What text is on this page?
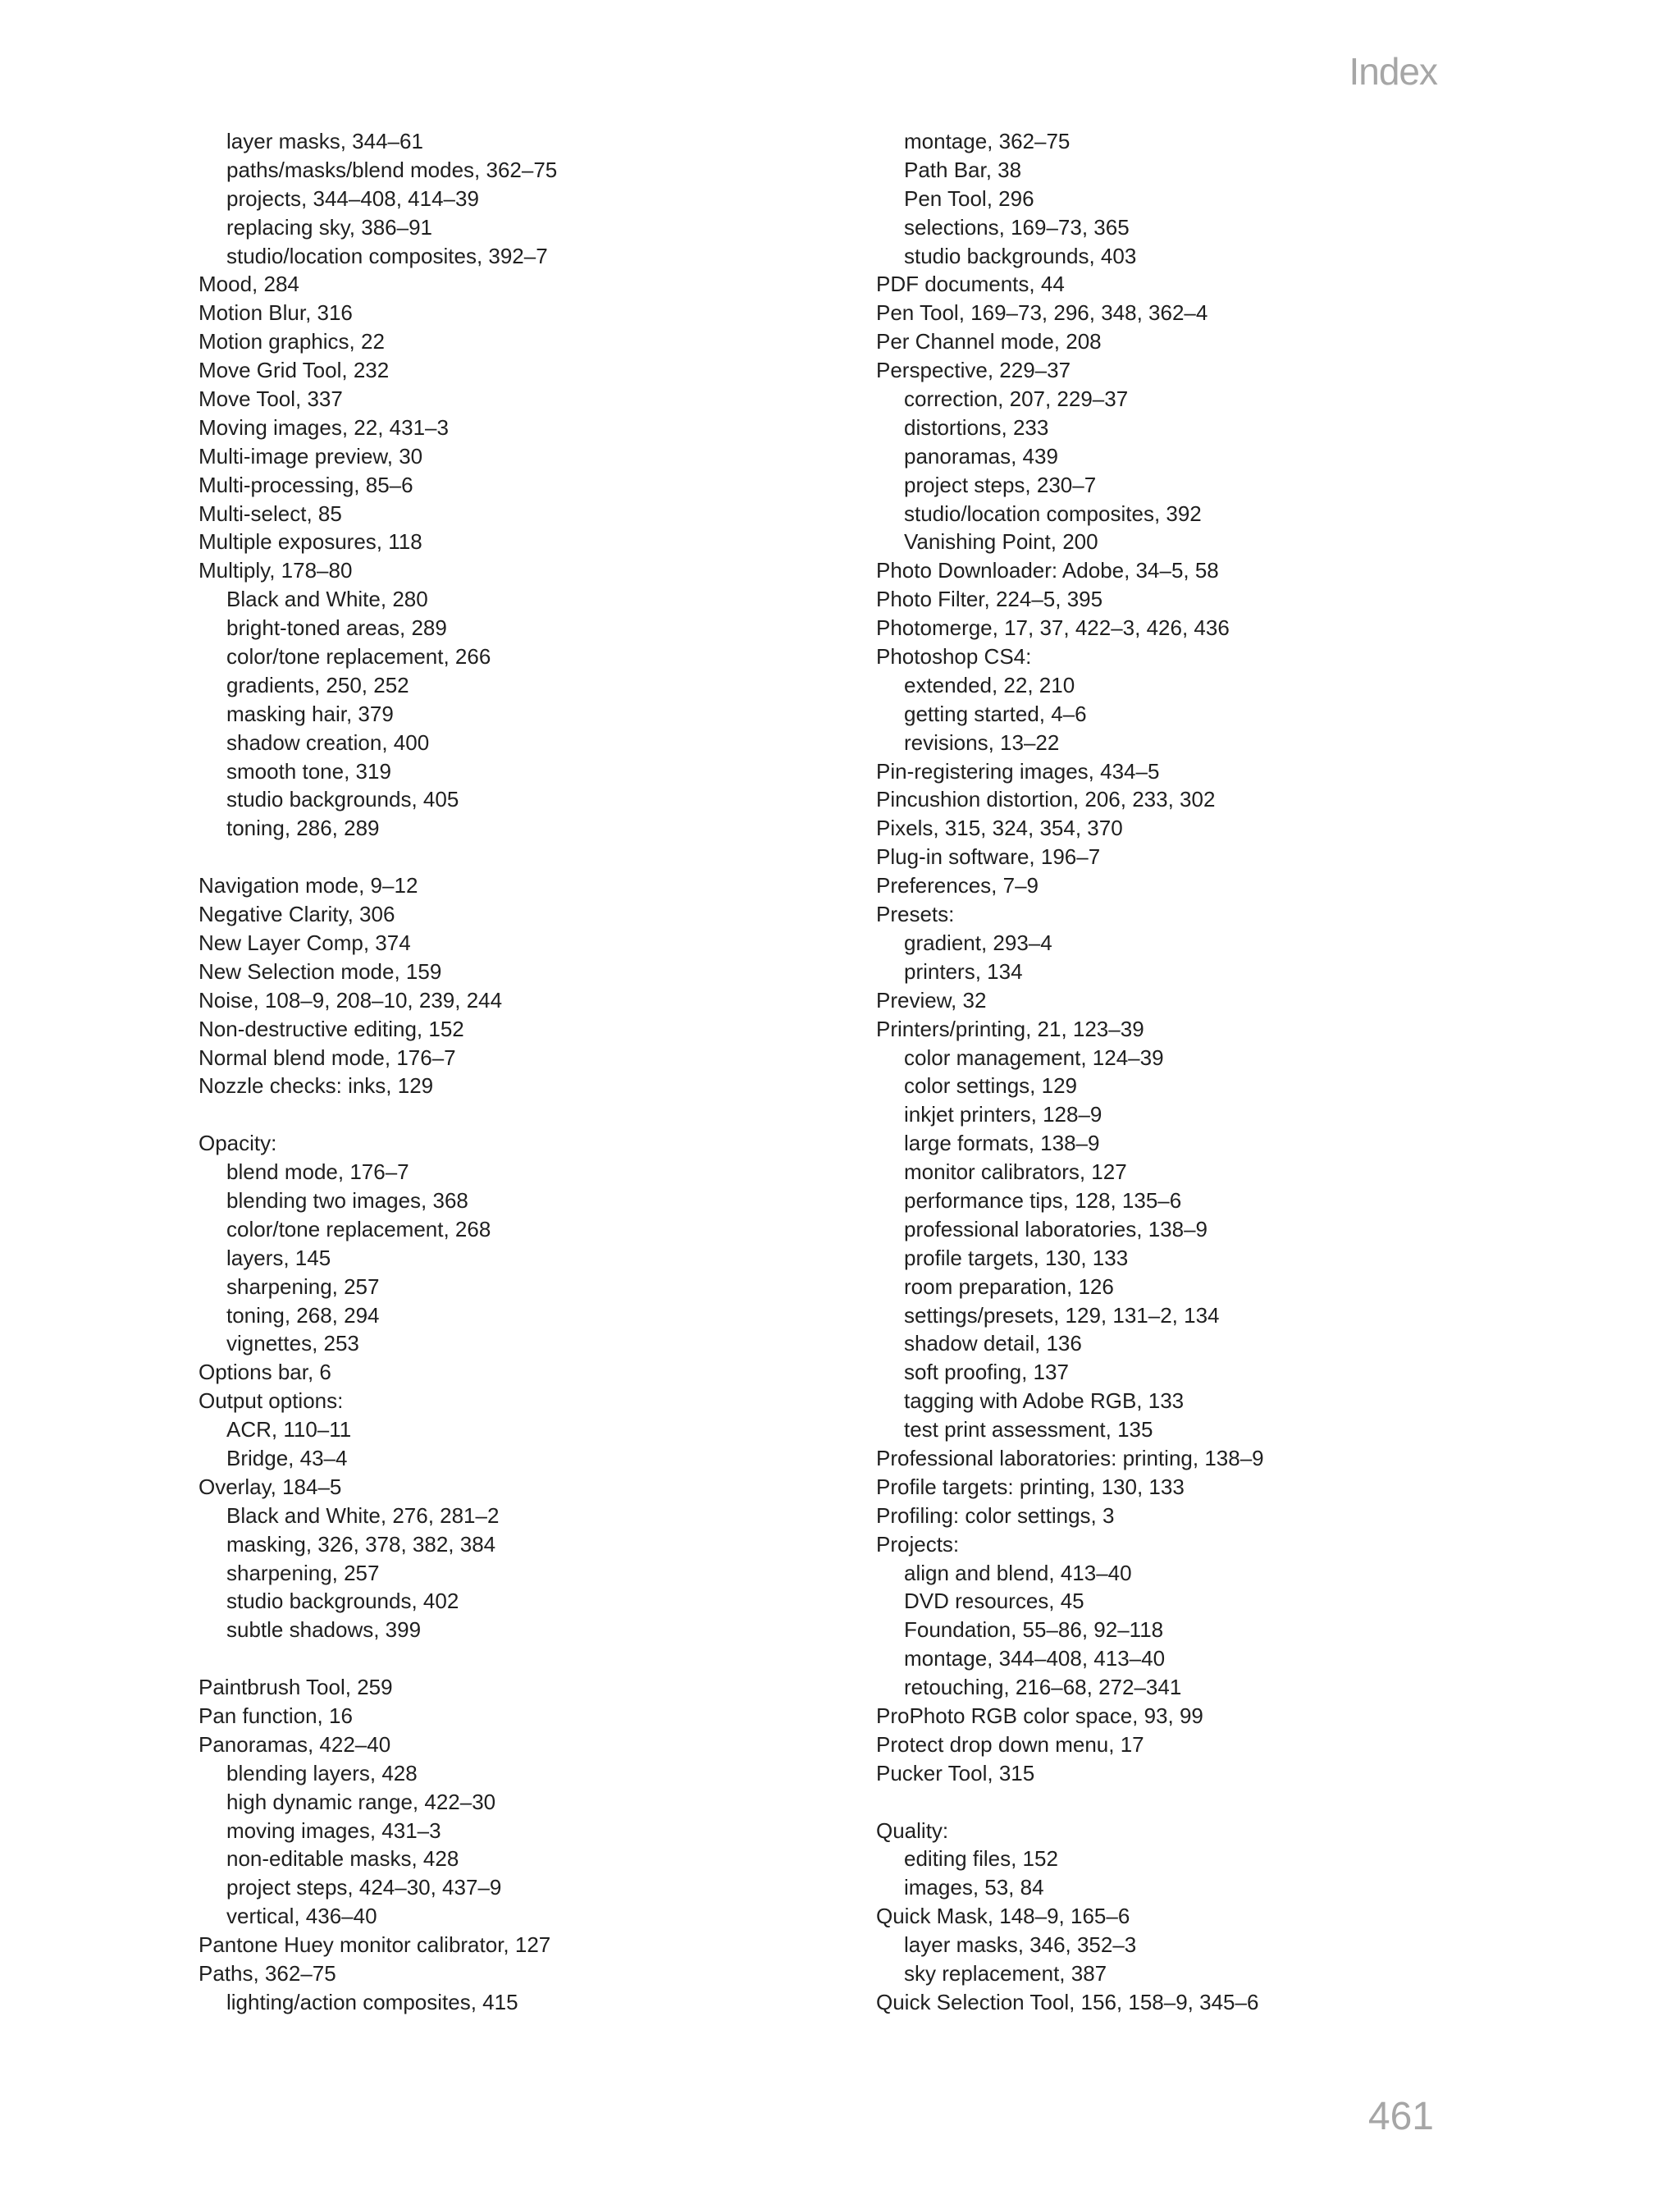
Index
layer masks, 344–61
paths/masks/blend modes, 362–75
projects, 344–408, 414–39
replacing sky, 386–91
studio/location composites, 392–7
Mood, 284
Motion Blur, 316
Motion graphics, 22
Move Grid Tool, 232
Move Tool, 337
Moving images, 22, 431–3
Multi-image preview, 30
Multi-processing, 85–6
Multi-select, 85
Multiple exposures, 118
Multiply, 178–80
Black and White, 280
bright-toned areas, 289
color/tone replacement, 266
gradients, 250, 252
masking hair, 379
shadow creation, 400
smooth tone, 319
studio backgrounds, 405
toning, 286, 289
Navigation mode, 9–12
Negative Clarity, 306
New Layer Comp, 374
New Selection mode, 159
Noise, 108–9, 208–10, 239, 244
Non-destructive editing, 152
Normal blend mode, 176–7
Nozzle checks: inks, 129
Opacity:
blend mode, 176–7
blending two images, 368
color/tone replacement, 268
layers, 145
sharpening, 257
toning, 268, 294
vignettes, 253
Options bar, 6
Output options:
ACR, 110–11
Bridge, 43–4
Overlay, 184–5
Black and White, 276, 281–2
masking, 326, 378, 382, 384
sharpening, 257
studio backgrounds, 402
subtle shadows, 399
Paintbrush Tool, 259
Pan function, 16
Panoramas, 422–40
blending layers, 428
high dynamic range, 422–30
moving images, 431–3
non-editable masks, 428
project steps, 424–30, 437–9
vertical, 436–40
Pantone Huey monitor calibrator, 127
Paths, 362–75
lighting/action composites, 415
montage, 362–75
Path Bar, 38
Pen Tool, 296
selections, 169–73, 365
studio backgrounds, 403
PDF documents, 44
Pen Tool, 169–73, 296, 348, 362–4
Per Channel mode, 208
Perspective, 229–37
correction, 207, 229–37
distortions, 233
panoramas, 439
project steps, 230–7
studio/location composites, 392
Vanishing Point, 200
Photo Downloader: Adobe, 34–5, 58
Photo Filter, 224–5, 395
Photomerge, 17, 37, 422–3, 426, 436
Photoshop CS4:
extended, 22, 210
getting started, 4–6
revisions, 13–22
Pin-registering images, 434–5
Pincushion distortion, 206, 233, 302
Pixels, 315, 324, 354, 370
Plug-in software, 196–7
Preferences, 7–9
Presets:
gradient, 293–4
printers, 134
Preview, 32
Printers/printing, 21, 123–39
color management, 124–39
color settings, 129
inkjet printers, 128–9
large formats, 138–9
monitor calibrators, 127
performance tips, 128, 135–6
professional laboratories, 138–9
profile targets, 130, 133
room preparation, 126
settings/presets, 129, 131–2, 134
shadow detail, 136
soft proofing, 137
tagging with Adobe RGB, 133
test print assessment, 135
Professional laboratories: printing, 138–9
Profile targets: printing, 130, 133
Profiling: color settings, 3
Projects:
align and blend, 413–40
DVD resources, 45
Foundation, 55–86, 92–118
montage, 344–408, 413–40
retouching, 216–68, 272–341
ProPhoto RGB color space, 93, 99
Protect drop down menu, 17
Pucker Tool, 315
Quality:
editing files, 152
images, 53, 84
Quick Mask, 148–9, 165–6
layer masks, 346, 352–3
sky replacement, 387
Quick Selection Tool, 156, 158–9, 345–6
461
